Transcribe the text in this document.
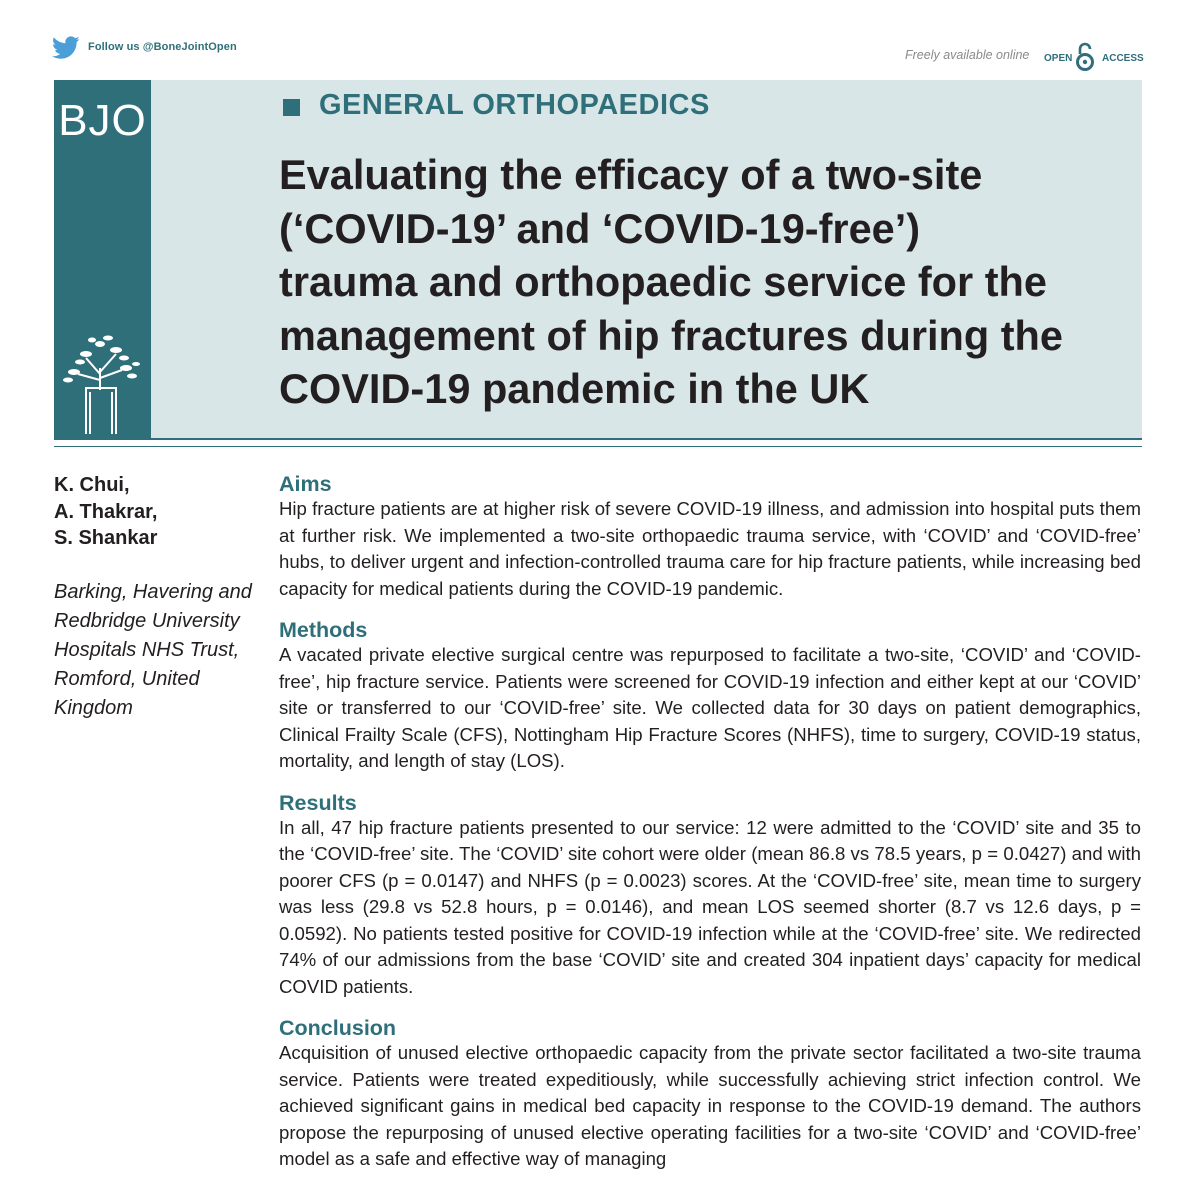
Follow us @BoneJointOpen
Freely available online OPEN	ACCESS
BJO	GENERAL ORTHOPAEDICS
Evaluating the efficacy of a two-site
(‘COVID-19’ and ‘COVID-19-free’)
trauma and orthopaedic service for the
management of hip fractures during the
COVID-19 pandemic in the UK
K. Chui,
A. Thakrar,
S. Shankar
Barking, Havering and
Redbridge University
Hospitals NHS Trust,
Romford, United
Kingdom
Aims

Hip fracture patients are at higher risk of severe COVID-19 illness, and admission into hospital puts them at further risk. We implemented a two-site orthopaedic trauma service, with ‘COVID’ and ‘COVID-free’ hubs, to deliver urgent and infection-controlled trauma care for hip fracture patients, while increasing bed capacity for medical patients during the COVID-19 pandemic.

Methods

A vacated private elective surgical centre was repurposed to facilitate a two-site, ‘COVID’ and ‘COVID-free’, hip fracture service. Patients were screened for COVID-19 infection and either kept at our ‘COVID’ site or transferred to our ‘COVID-free’ site. We collected data for 30 days on patient demographics, Clinical Frailty Scale (CFS), Nottingham Hip Fracture Scores (NHFS), time to surgery, COVID-19 status, mortality, and length of stay (LOS).

Results

In all, 47 hip fracture patients presented to our service: 12 were admitted to the ‘COVID’ site and 35 to the ‘COVID-free’ site. The ‘COVID’ site cohort were older (mean 86.8 vs 78.5 years, p = 0.0427) and with poorer CFS (p = 0.0147) and NHFS (p = 0.0023) scores. At the ‘COVID-free’ site, mean time to surgery was less (29.8 vs 52.8 hours, p = 0.0146), and mean LOS seemed shorter (8.7 vs 12.6 days, p = 0.0592). No patients tested positive for COVID-19 infection while at the ‘COVID-free’ site. We redirected 74% of our admissions from the base ‘COVID’ site and created 304 inpatient days’ capacity for medical COVID patients.

Conclusion

Acquisition of unused elective orthopaedic capacity from the private sector facilitated a two-site trauma service. Patients were treated expeditiously, while successfully achieving strict infection control. We achieved significant gains in medical bed capacity in response to the COVID-19 demand. The authors propose the repurposing of unused elective operating facilities for a two-site ‘COVID’ and ‘COVID-free’ model as a safe and effective way of managing
